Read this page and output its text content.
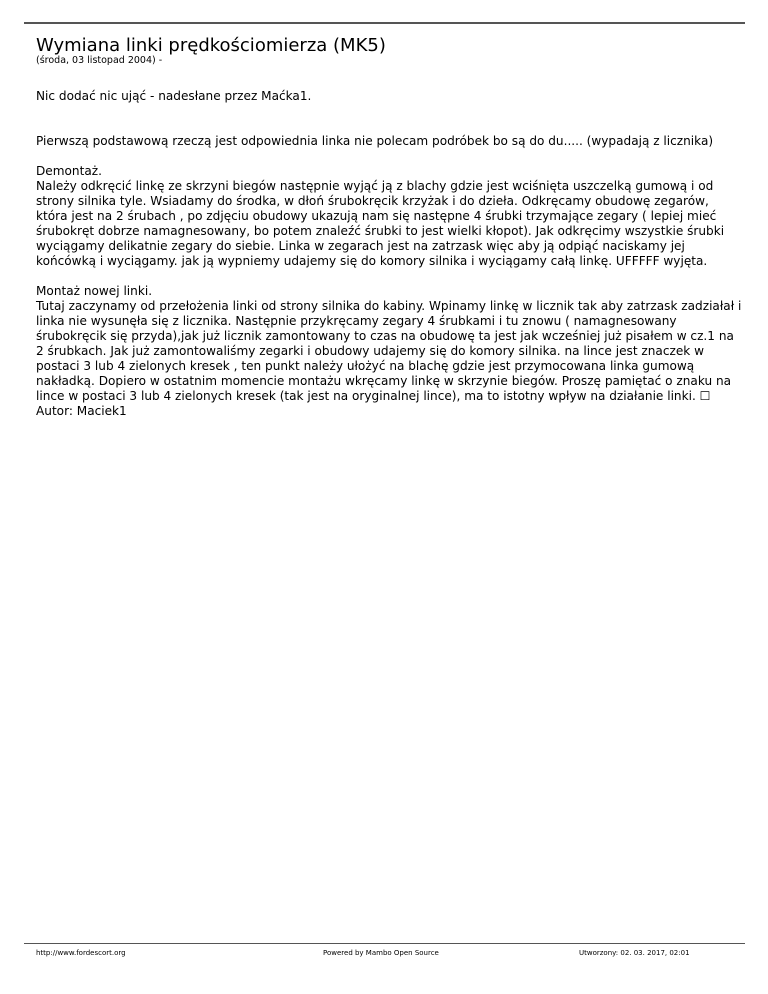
Wymiana linki prędkościomierza (MK5)
(środa, 03 listopad 2004) -

Nic dodać nic ująć - nadesłane przez Maćka1.

Pierwszą podstawową rzeczą jest odpowiednia linka nie polecam podróbek bo są do du..... (wypadają z licznika)

Demontaż.
Należy odkręcić linkę ze skrzyni biegów następnie wyjąć ją z blachy gdzie jest wciśnięta uszczelką gumową i od strony silnika tyle. Wsiadamy do środka, w dłoń śrubokręcik krzyżak i do dzieła. Odkręcamy obudowę zegarów, która jest na 2 śrubach , po zdjęciu obudowy ukazują nam się następne 4 śrubki trzymające zegary ( lepiej mieć śrubokręt dobrze namagnesowany, bo potem znaleźć śrubki to jest wielki kłopot). Jak odkręcimy wszystkie śrubki wyciągamy delikatnie zegary do siebie. Linka w zegarach jest na zatrzask więc aby ją odpiąć naciskamy jej końcówką i wyciągamy. jak ją wypniemy udajemy się do komory silnika i wyciągamy całą linkę. UFFFFF wyjęta.

Montaż nowej linki.
Tutaj zaczynamy od przełożenia linki od strony silnika do kabiny. Wpinamy linkę w licznik tak aby zatrzask zadziałał i linka nie wysunęła się z licznika. Następnie przykręcamy zegary 4 śrubkami i tu znowu ( namagnesowany śrubokręcik się przyda),jak już licznik zamontowany to czas na obudowę ta jest jak wcześniej już pisałem w cz.1 na 2 śrubkach. Jak już zamontowaliśmy zegarki i obudowy udajemy się do komory silnika. na lince jest znaczek w postaci 3 lub 4 zielonych kresek , ten punkt należy ułożyć na blachę gdzie jest przymocowana linka gumową nakładką. Dopiero w ostatnim momencie montażu wkręcamy linkę w skrzynie biegów. Proszę pamiętać o znaku na lince w postaci 3 lub 4 zielonych kresek (tak jest na oryginalnej lince), ma to istotny wpływ na działanie linki. ☐
Autor: Maciek1
http://www.fordescort.org	Powered by Mambo Open Source	Utworzony: 02. 03. 2017, 02:01
